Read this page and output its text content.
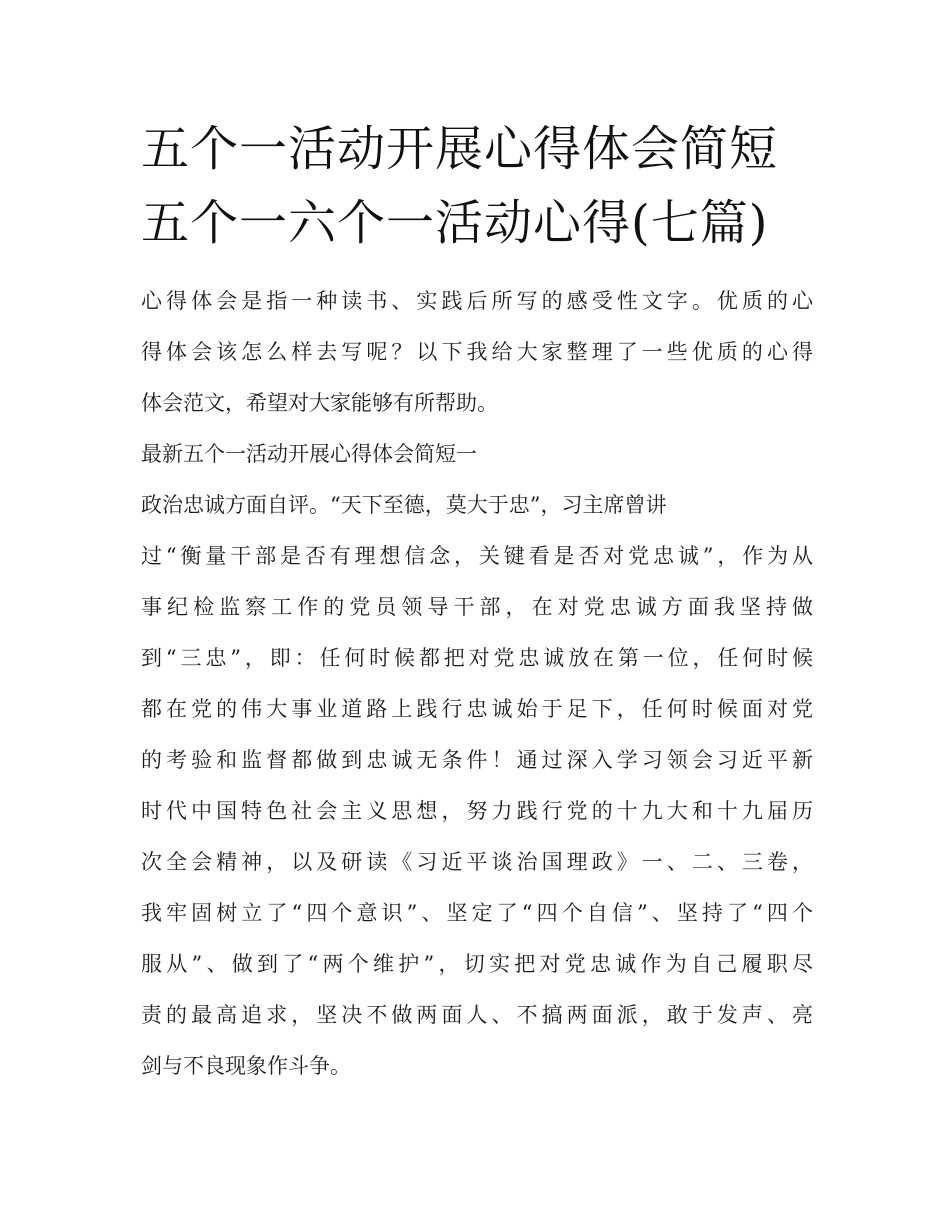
五个一活动开展心得体会简短
五个一六个一活动心得(七篇)
心得体会是指一种读书、实践后所写的感受性文字。优质的心
得体会该怎么样去写呢？以下我给大家整理了一些优质的心得
体会范文，希望对大家能够有所帮助。
最新五个一活动开展心得体会简短一
政治忠诚方面自评。“天下至德，莫大于忠”，习主席曾讲
过“衡量干部是否有理想信念，关键看是否对党忠诚”，作为从
事纪检监察工作的党员领导干部，在对党忠诚方面我坚持做
到“三忠”，即：任何时候都把对党忠诚放在第一位，任何时候
都在党的伟大事业道路上践行忠诚始于足下，任何时候面对党
的考验和监督都做到忠诚无条件！通过深入学习领会习近平新
时代中国特色社会主义思想，努力践行党的十九大和十九届历
次全会精神，以及研读《习近平谈治国理政》一、二、三卷，
我牢固树立了“四个意识”、坚定了“四个自信”、坚持了“四个
服从”、做到了“两个维护”，切实把对党忠诚作为自己履职尽
责的最高追求，坚决不做两面人、不搞两面派，敢于发声、亮
剑与不良现象作斗争。
